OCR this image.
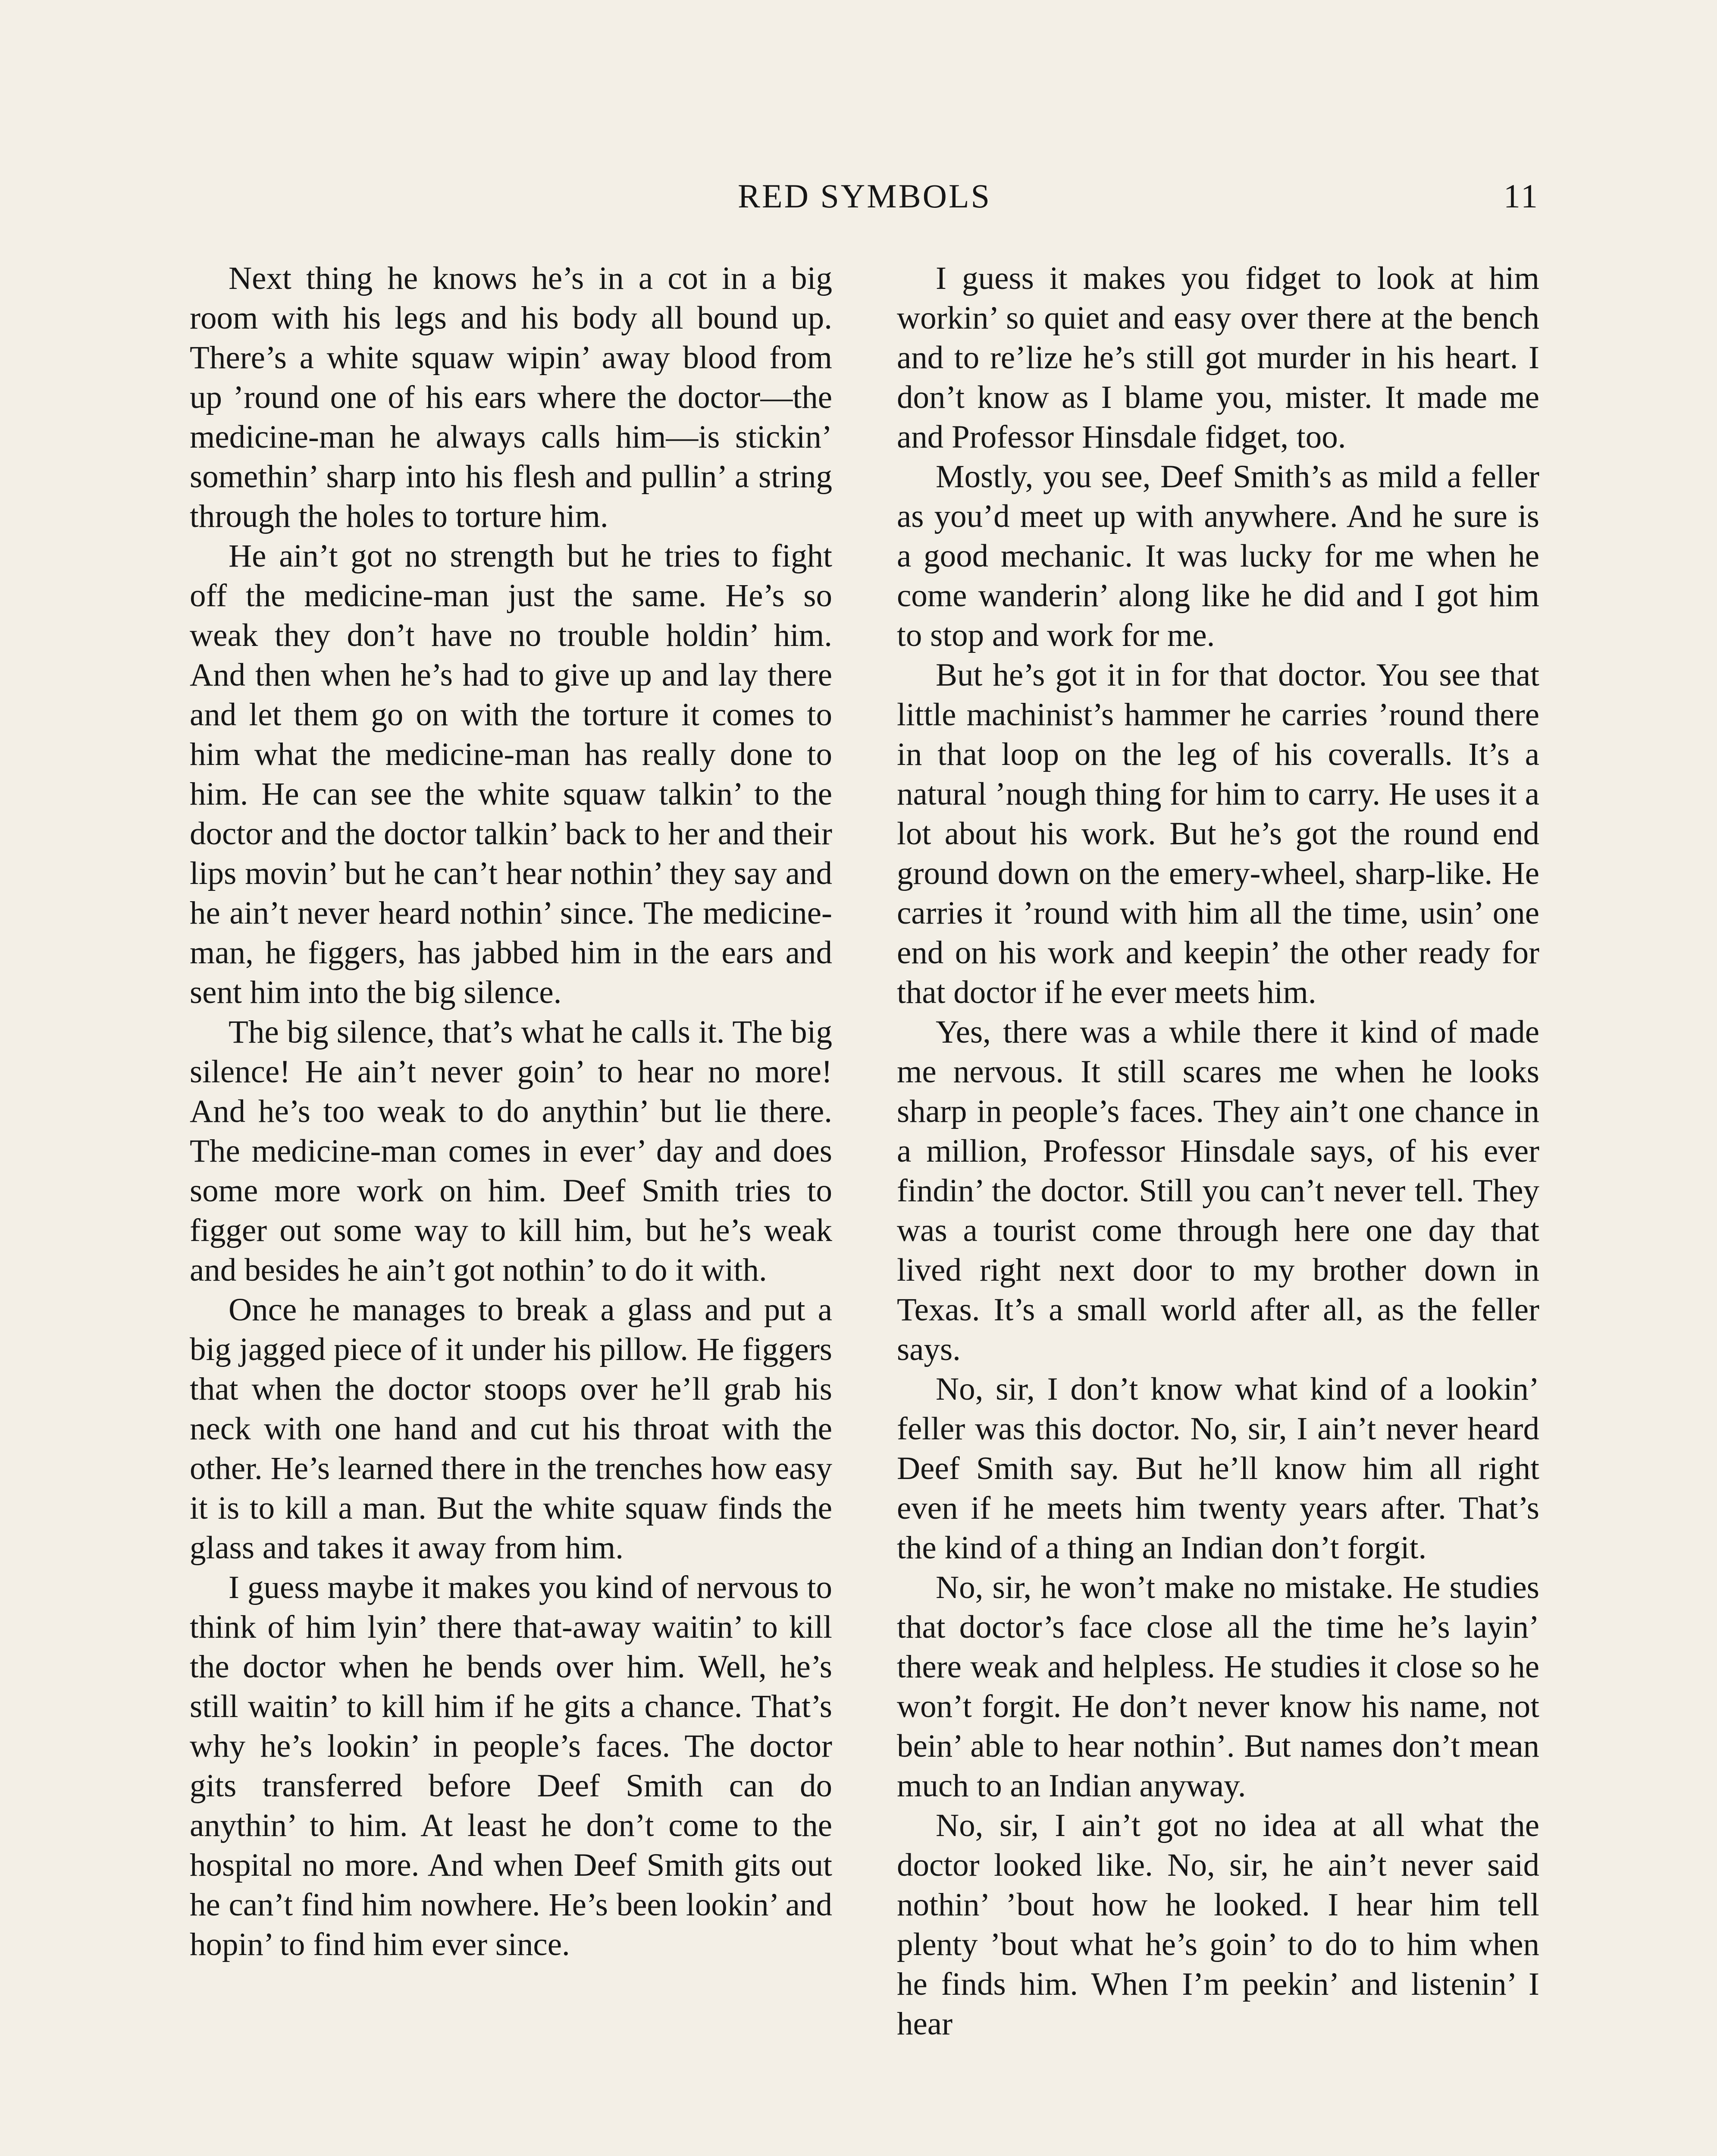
RED SYMBOLS	11

Next thing he knows he’s in a cot in a big room with his legs and his body all bound up. There’s a white squaw wipin’ away blood from up ’round one of his ears where the doctor—the medicine-man he always calls him—is stickin’ somethin’ sharp into his flesh and pullin’ a string through the holes to torture him.

He ain’t got no strength but he tries to fight off the medicine-man just the same. He’s so weak they don’t have no trouble holdin’ him. And then when he’s had to give up and lay there and let them go on with the torture it comes to him what the medicine-man has really done to him. He can see the white squaw talkin’ to the doctor and the doctor talkin’ back to her and their lips movin’ but he can’t hear nothin’ they say and he ain’t never heard nothin’ since. The medicine-man, he figgers, has jabbed him in the ears and sent him into the big silence.

The big silence, that’s what he calls it. The big silence! He ain’t never goin’ to hear no more! And he’s too weak to do anythin’ but lie there. The medicine-man comes in ever’ day and does some more work on him. Deef Smith tries to figger out some way to kill him, but he’s weak and besides he ain’t got nothin’ to do it with.

Once he manages to break a glass and put a big jagged piece of it under his pillow. He figgers that when the doctor stoops over he’ll grab his neck with one hand and cut his throat with the other. He’s learned there in the trenches how easy it is to kill a man. But the white squaw finds the glass and takes it away from him.

I guess maybe it makes you kind of nervous to think of him lyin’ there that-away waitin’ to kill the doctor when he bends over him. Well, he’s still waitin’ to kill him if he gits a chance. That’s why he’s lookin’ in people’s faces. The doctor gits transferred before Deef Smith can do anythin’ to him. At least he don’t come to the hospital no more. And when Deef Smith gits out he can’t find him nowhere. He’s been lookin’ and hopin’ to find him ever since.

I guess it makes you fidget to look at him workin’ so quiet and easy over there at the bench and to re’lize he’s still got murder in his heart. I don’t know as I blame you, mister. It made me and Professor Hinsdale fidget, too.

Mostly, you see, Deef Smith’s as mild a feller as you’d meet up with anywhere. And he sure is a good mechanic. It was lucky for me when he come wanderin’ along like he did and I got him to stop and work for me.

But he’s got it in for that doctor. You see that little machinist’s hammer he carries ’round there in that loop on the leg of his coveralls. It’s a natural ’nough thing for him to carry. He uses it a lot about his work. But he’s got the round end ground down on the emery-wheel, sharp-like. He carries it ’round with him all the time, usin’ one end on his work and keepin’ the other ready for that doctor if he ever meets him.

Yes, there was a while there it kind of made me nervous. It still scares me when he looks sharp in people’s faces. They ain’t one chance in a million, Professor Hinsdale says, of his ever findin’ the doctor. Still you can’t never tell. They was a tourist come through here one day that lived right next door to my brother down in Texas. It’s a small world after all, as the feller says.

No, sir, I don’t know what kind of a lookin’ feller was this doctor. No, sir, I ain’t never heard Deef Smith say. But he’ll know him all right even if he meets him twenty years after. That’s the kind of a thing an Indian don’t forgit.

No, sir, he won’t make no mistake. He studies that doctor’s face close all the time he’s layin’ there weak and helpless. He studies it close so he won’t forgit. He don’t never know his name, not bein’ able to hear nothin’. But names don’t mean much to an Indian anyway.

No, sir, I ain’t got no idea at all what the doctor looked like. No, sir, he ain’t never said nothin’ ’bout how he looked. I hear him tell plenty ’bout what he’s goin’ to do to him when he finds him. When I’m peekin’ and listenin’ I hear
